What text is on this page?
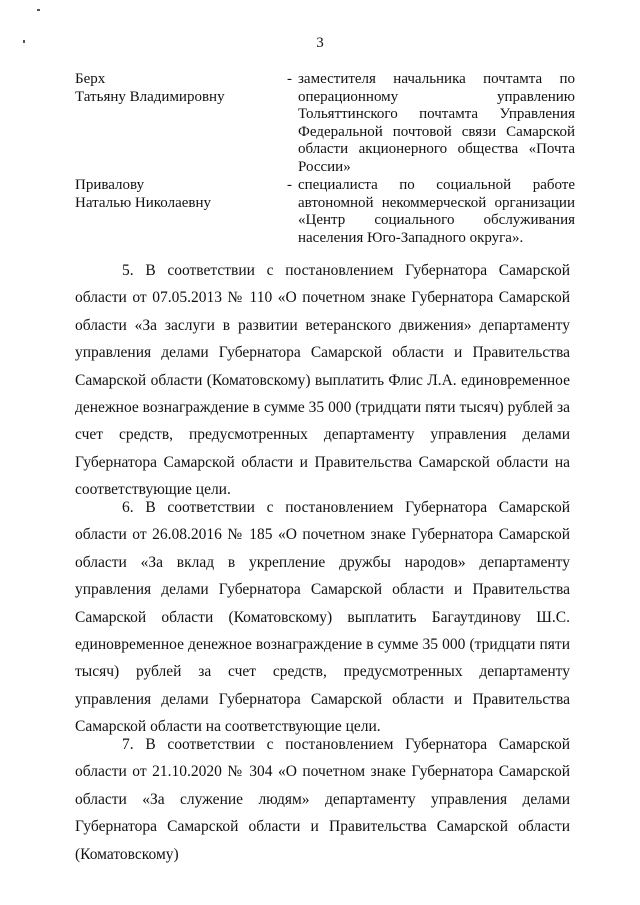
3
Берх
Татьяну Владимировну
- заместителя начальника почтамта по операционному управлению Тольяттинского почтамта Управления Федеральной почтовой связи Самарской области акционерного общества «Почта России»
Привалову
Наталью Николаевну
- специалиста по социальной работе автономной некоммерческой организации «Центр социального обслуживания населения Юго-Западного округа».

5. В соответствии с постановлением Губернатора Самарской области от 07.05.2013 № 110 «О почетном знаке Губернатора Самарской области «За заслуги в развитии ветеранского движения» департаменту управления делами Губернатора Самарской области и Правительства Самарской области (Коматовскому) выплатить Флис Л.А. единовременное денежное вознаграждение в сумме 35 000 (тридцати пяти тысяч) рублей за счет средств, предусмотренных департаменту управления делами Губернатора Самарской области и Правительства Самарской области на соответствующие цели.

6. В соответствии с постановлением Губернатора Самарской области от 26.08.2016 № 185 «О почетном знаке Губернатора Самарской области «За вклад в укрепление дружбы народов» департаменту управления делами Губернатора Самарской области и Правительства Самарской области (Коматовскому) выплатить Багаутдинову Ш.С. единовременное денежное вознаграждение в сумме 35 000 (тридцати пяти тысяч) рублей за счет средств, предусмотренных департаменту управления делами Губернатора Самарской области и Правительства Самарской области на соответствующие цели.

7. В соответствии с постановлением Губернатора Самарской области от 21.10.2020 № 304 «О почетном знаке Губернатора Самарской области «За служение людям» департаменту управления делами Губернатора Самарской области и Правительства Самарской области (Коматовскому)
